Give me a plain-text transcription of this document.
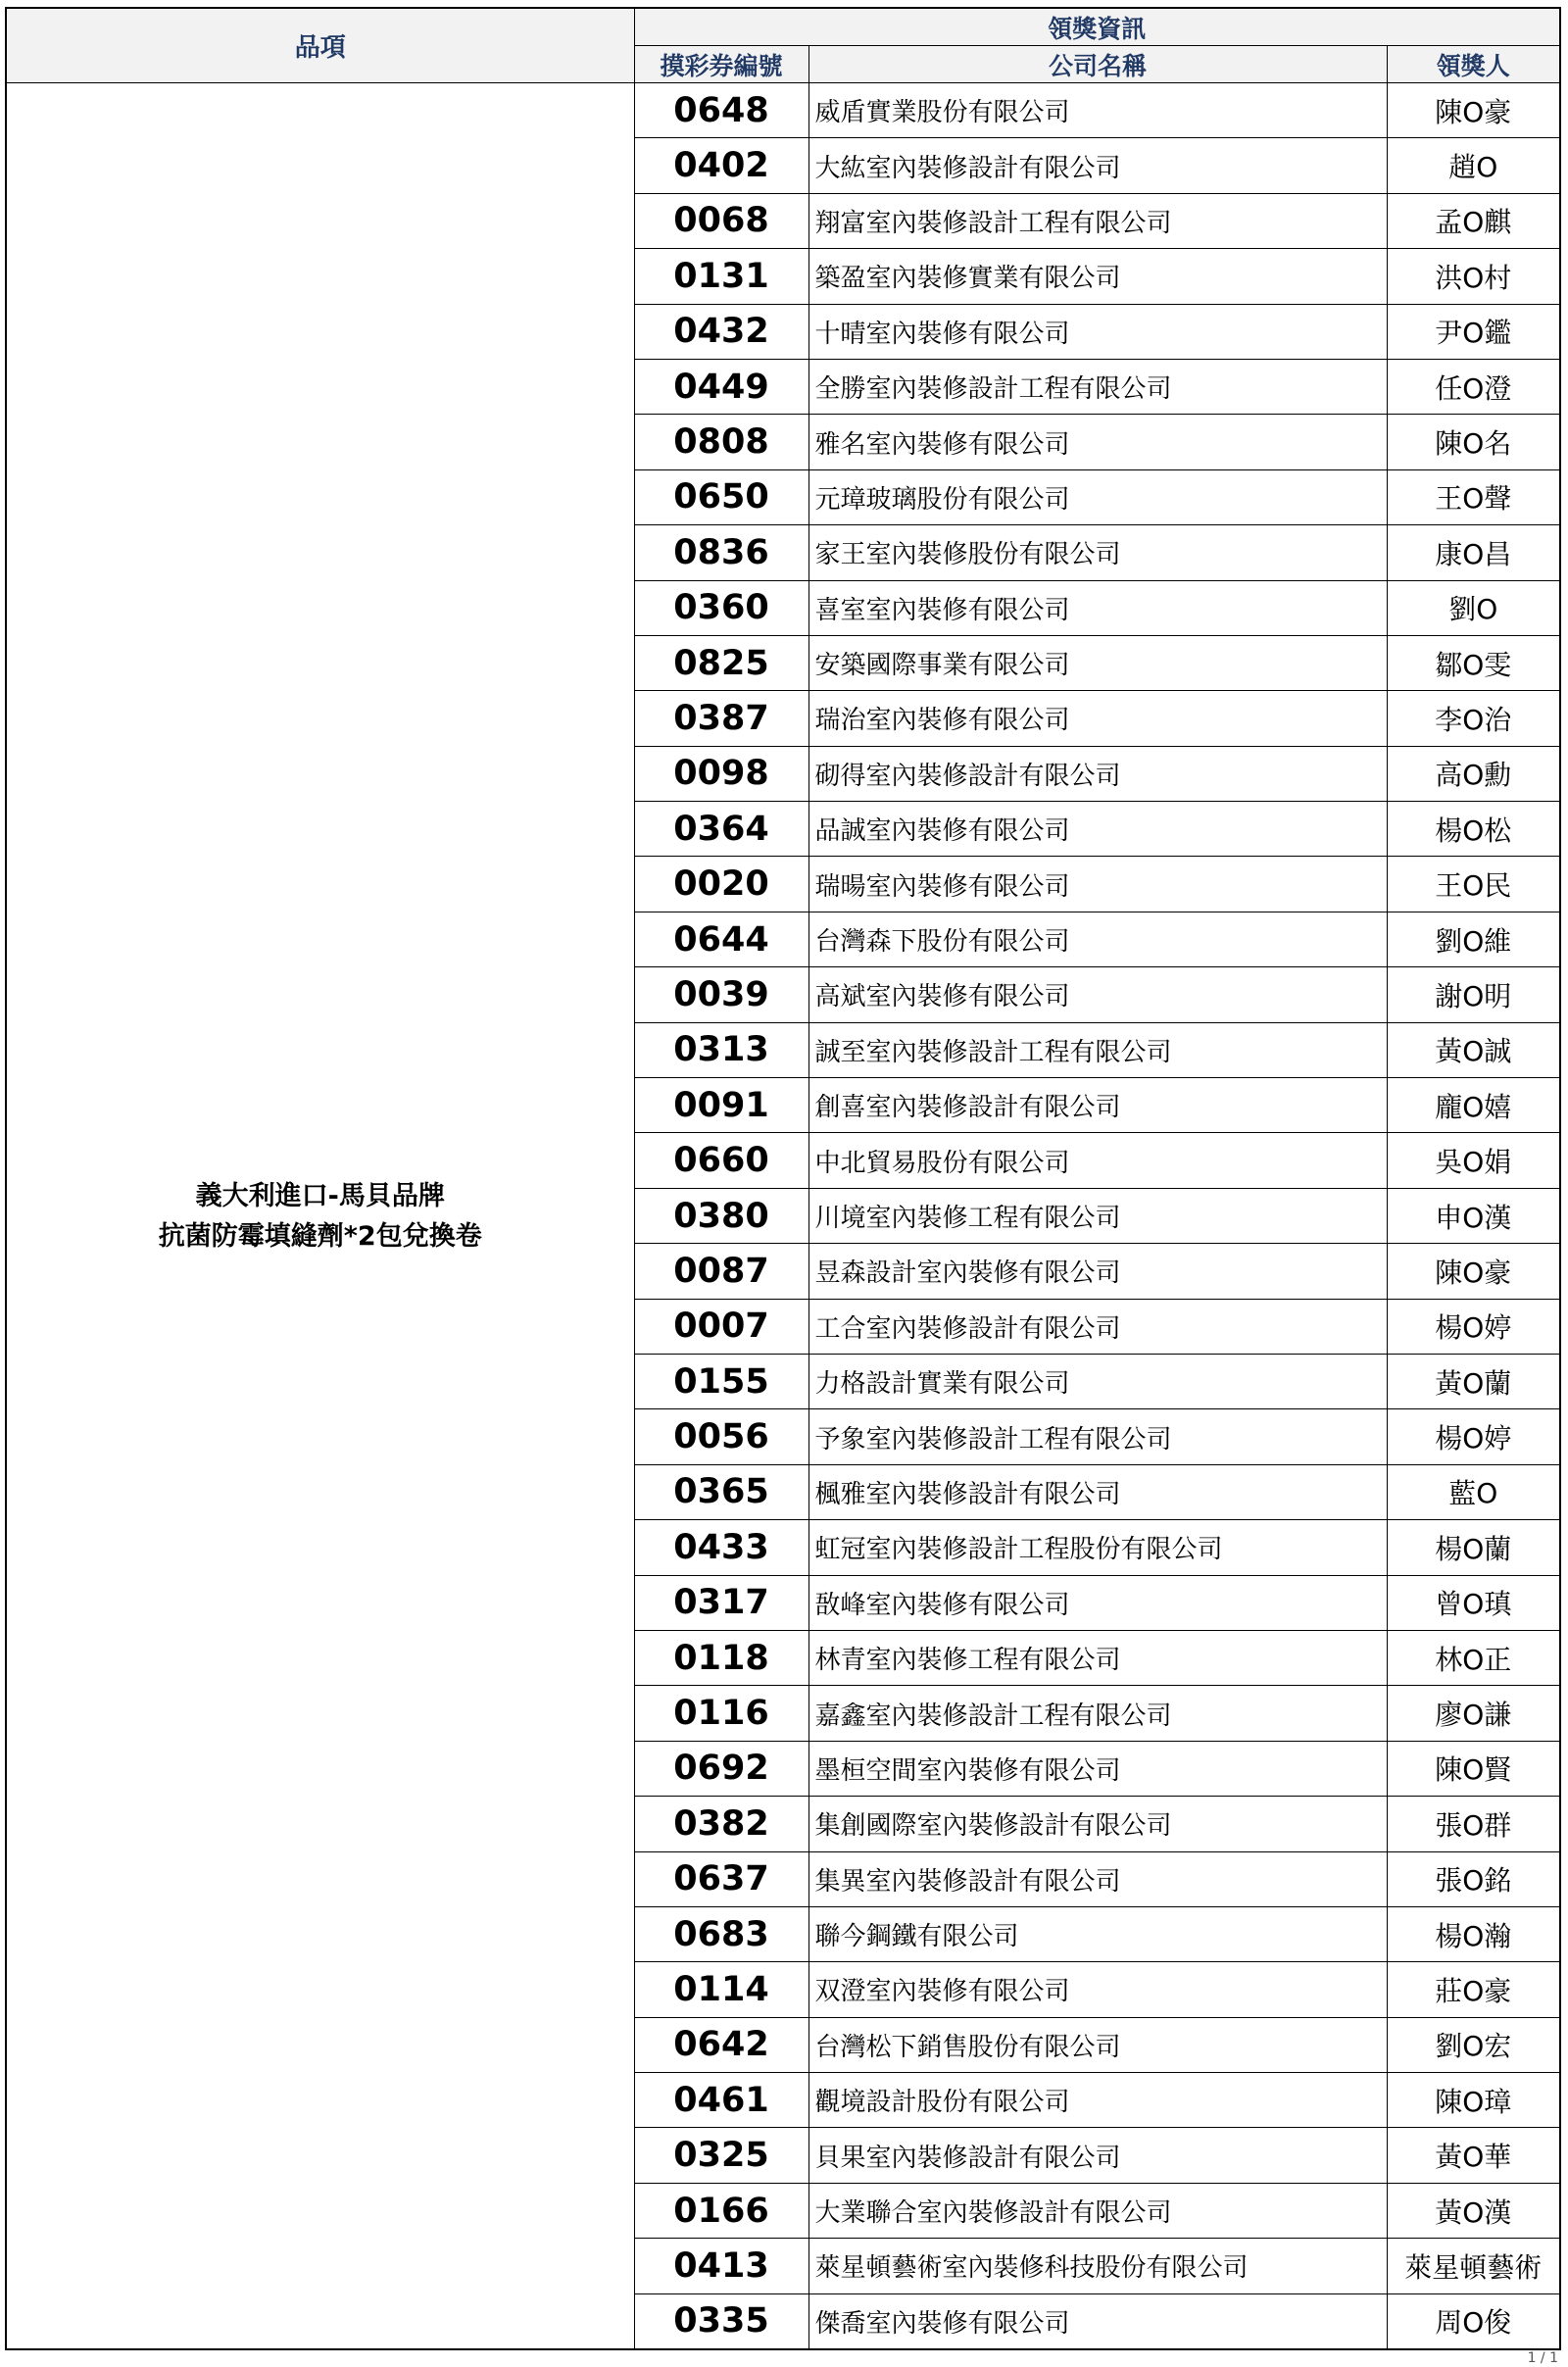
品項	領獎資訊		
	摸彩券編號	公司名稱	領獎人

義大利進口-馬貝品牌
抗菌防霉填縫劑*2包兌換卷	0648	威盾實業股份有限公司	陳O豪
	0402	大紘室內裝修設計有限公司	趙O
	0068	翔富室內裝修設計工程有限公司	孟O麒
	0131	築盈室內裝修實業有限公司	洪O村
	0432	十晴室內裝修有限公司	尹O鑑
	0449	全勝室內裝修設計工程有限公司	任O澄
	0808	雅名室內裝修有限公司	陳O名
	0650	元璋玻璃股份有限公司	王O聲
	0836	家王室內裝修股份有限公司	康O昌
	0360	喜室室內裝修有限公司	劉O
	0825	安築國際事業有限公司	鄒O雯
	0387	瑞治室內裝修有限公司	李O治
	0098	砌得室內裝修設計有限公司	高O勳
	0364	品誠室內裝修有限公司	楊O松
	0020	瑞暘室內裝修有限公司	王O民
	0644	台灣森下股份有限公司	劉O維
	0039	高斌室內裝修有限公司	謝O明
	0313	誠至室內裝修設計工程有限公司	黃O誠
	0091	創喜室內裝修設計有限公司	龐O嬉
	0660	中北貿易股份有限公司	吳O娟
	0380	川境室內裝修工程有限公司	申O漢
	0087	昱森設計室內裝修有限公司	陳O豪
	0007	工合室內裝修設計有限公司	楊O婷
	0155	力格設計實業有限公司	黃O蘭
	0056	予象室內裝修設計工程有限公司	楊O婷
	0365	楓雅室內裝修設計有限公司	藍O
	0433	虹冠室內裝修設計工程股份有限公司	楊O蘭
	0317	敔峰室內裝修有限公司	曾O瑱
	0118	林青室內裝修工程有限公司	林O正
	0116	嘉鑫室內裝修設計工程有限公司	廖O謙
	0692	墨桓空間室內裝修有限公司	陳O賢
	0382	集創國際室內裝修設計有限公司	張O群
	0637	集異室內裝修設計有限公司	張O銘
	0683	聯今鋼鐵有限公司	楊O瀚
	0114	双澄室內裝修有限公司	莊O豪
	0642	台灣松下銷售股份有限公司	劉O宏
	0461	觀境設計股份有限公司	陳O璋
	0325	貝果室內裝修設計有限公司	黃O華
	0166	大業聯合室內裝修設計有限公司	黃O漢
	0413	萊星頓藝術室內裝修科技股份有限公司	萊星頓藝術
	0335	傑喬室內裝修有限公司	周O俊
1 / 1
